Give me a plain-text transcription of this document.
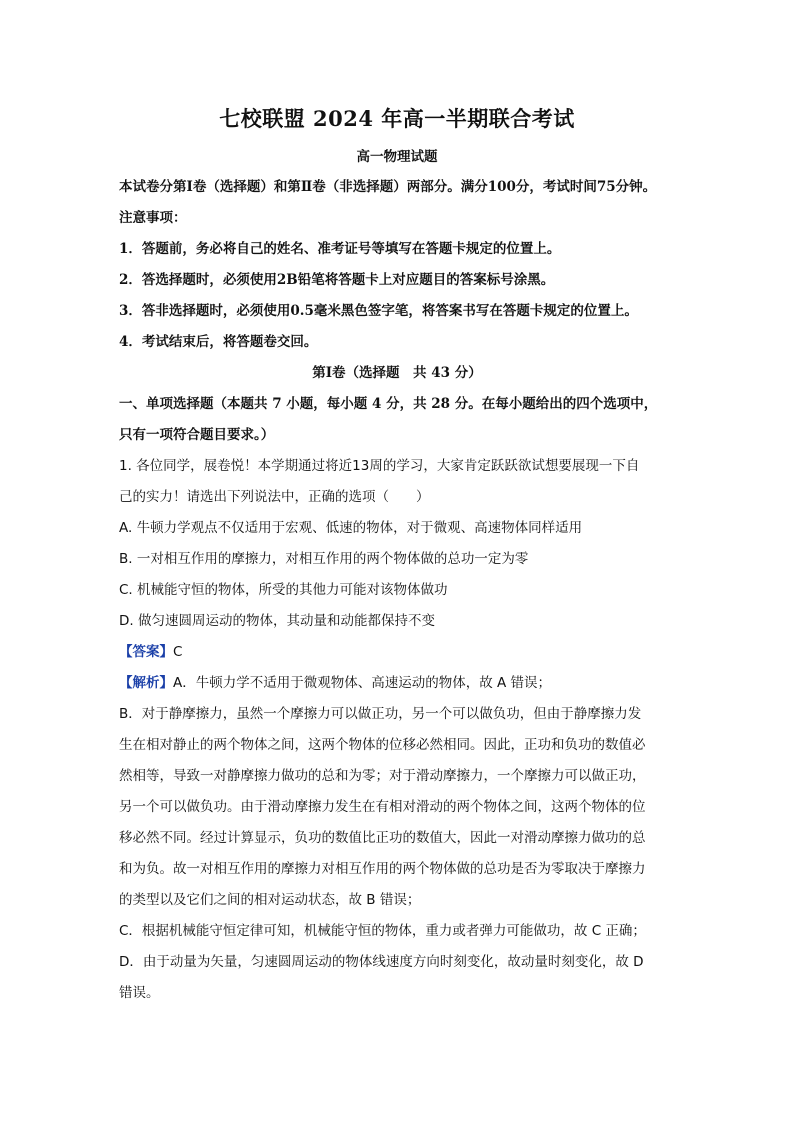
七校联盟 2024 年高一半期联合考试
高一物理试题
本试卷分第Ⅰ卷（选择题）和第Ⅱ卷（非选择题）两部分。满分100分，考试时间75分钟。
注意事项：
1．答题前，务必将自己的姓名、准考证号等填写在答题卡规定的位置上。
2．答选择题时，必须使用2B铅笔将答题卡上对应题目的答案标号涂黑。
3．答非选择题时，必须使用0.5毫米黑色签字笔，将答案书写在答题卡规定的位置上。
4．考试结束后，将答题卷交回。
第Ⅰ卷（选择题　共 43 分）
一、单项选择题（本题共 7 小题，每小题 4 分，共 28 分。在每小题给出的四个选项中，
只有一项符合题目要求。）
1. 各位同学，展卷悦！本学期通过将近13周的学习，大家肯定跃跃欲试想要展现一下自
己的实力！请选出下列说法中，正确的选项（　　）
A. 牛顿力学观点不仅适用于宏观、低速的物体，对于微观、高速物体同样适用
B. 一对相互作用的摩擦力，对相互作用的两个物体做的总功一定为零
C. 机械能守恒的物体，所受的其他力可能对该物体做功
D. 做匀速圆周运动的物体，其动量和动能都保持不变
【答案】C
【解析】A．牛顿力学不适用于微观物体、高速运动的物体，故 A 错误；
B．对于静摩擦力，虽然一个摩擦力可以做正功，另一个可以做负功，但由于静摩擦力发
生在相对静止的两个物体之间，这两个物体的位移必然相同。因此，正功和负功的数值必
然相等，导致一对静摩擦力做功的总和为零；对于滑动摩擦力，一个摩擦力可以做正功，
另一个可以做负功。由于滑动摩擦力发生在有相对滑动的两个物体之间，这两个物体的位
移必然不同。经过计算显示，负功的数值比正功的数值大，因此一对滑动摩擦力做功的总
和为负。故一对相互作用的摩擦力对相互作用的两个物体做的总功是否为零取决于摩擦力
的类型以及它们之间的相对运动状态，故 B 错误；
C．根据机械能守恒定律可知，机械能守恒的物体，重力或者弹力可能做功，故 C 正确；
D．由于动量为矢量，匀速圆周运动的物体线速度方向时刻变化，故动量时刻变化，故 D
错误。
